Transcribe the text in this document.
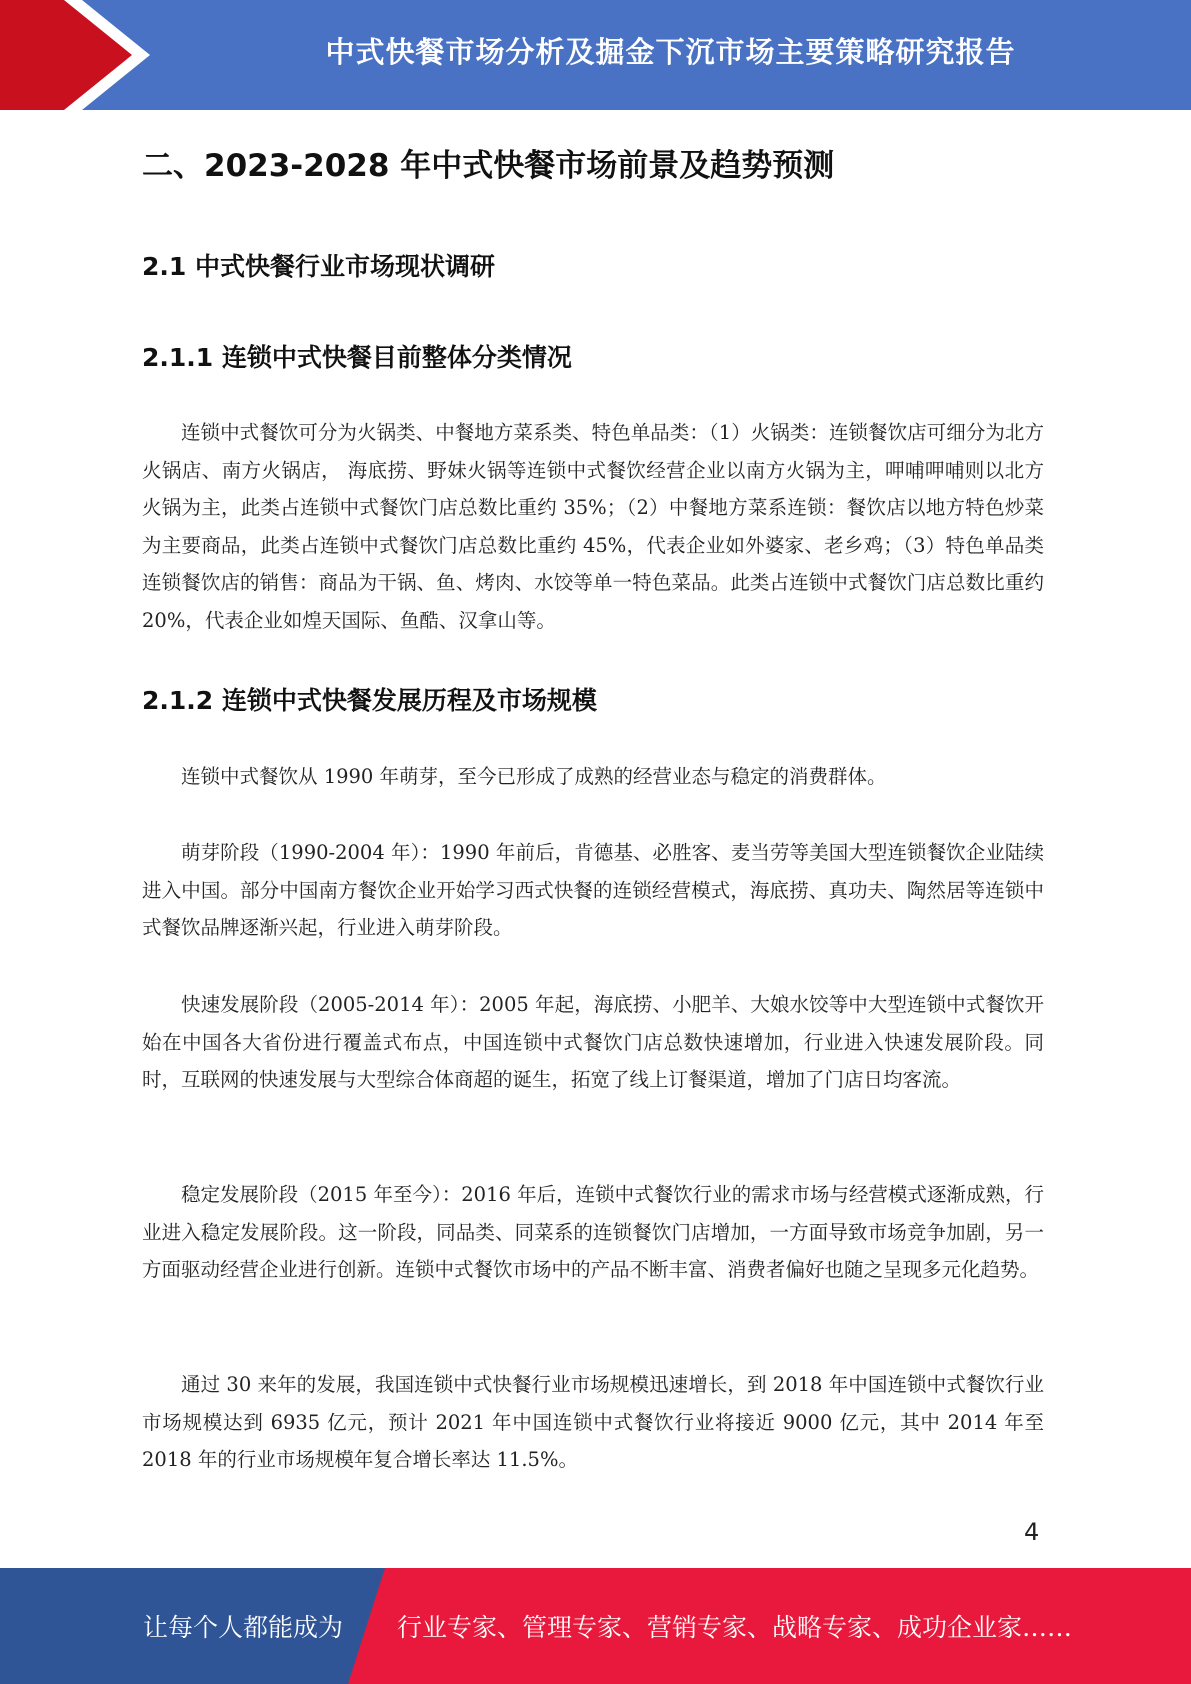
中式快餐市场分析及掘金下沉市场主要策略研究报告
二、2023-2028 年中式快餐市场前景及趋势预测
2.1 中式快餐行业市场现状调研
2.1.1 连锁中式快餐目前整体分类情况

连锁中式餐饮可分为火锅类、中餐地方菜系类、特色单品类：（1）火锅类：连锁餐饮店可细分为北方火锅店、南方火锅店， 海底捞、野妹火锅等连锁中式餐饮经营企业以南方火锅为主，呷哺呷哺则以北方火锅为主，此类占连锁中式餐饮门店总数比重约 35%；（2）中餐地方菜系连锁：餐饮店以地方特色炒菜为主要商品，此类占连锁中式餐饮门店总数比重约 45%，代表企业如外婆家、老乡鸡；（3）特色单品类连锁餐饮店的销售：商品为干锅、鱼、烤肉、水饺等单一特色菜品。此类占连锁中式餐饮门店总数比重约 20%，代表企业如煌天国际、鱼酷、汉拿山等。

2.1.2 连锁中式快餐发展历程及市场规模

连锁中式餐饮从 1990 年萌芽，至今已形成了成熟的经营业态与稳定的消费群体。

萌芽阶段（1990-2004 年）：1990 年前后，肯德基、必胜客、麦当劳等美国大型连锁餐饮企业陆续进入中国。部分中国南方餐饮企业开始学习西式快餐的连锁经营模式，海底捞、真功夫、陶然居等连锁中式餐饮品牌逐渐兴起，行业进入萌芽阶段。

快速发展阶段（2005-2014 年）：2005 年起，海底捞、小肥羊、大娘水饺等中大型连锁中式餐饮开始在中国各大省份进行覆盖式布点，中国连锁中式餐饮门店总数快速增加，行业进入快速发展阶段。同时，互联网的快速发展与大型综合体商超的诞生，拓宽了线上订餐渠道，增加了门店日均客流。

稳定发展阶段（2015 年至今）：2016 年后，连锁中式餐饮行业的需求市场与经营模式逐渐成熟，行业进入稳定发展阶段。这一阶段，同品类、同菜系的连锁餐饮门店增加，一方面导致市场竞争加剧，另一方面驱动经营企业进行创新。连锁中式餐饮市场中的产品不断丰富、消费者偏好也随之呈现多元化趋势。

通过 30 来年的发展，我国连锁中式快餐行业市场规模迅速增长，到 2018 年中国连锁中式餐饮行业市场规模达到 6935 亿元，预计 2021 年中国连锁中式餐饮行业将接近 9000 亿元，其中 2014 年至 2018 年的行业市场规模年复合增长率达 11.5%。

4
让每个人都能成为 行业专家、管理专家、营销专家、战略专家、成功企业家……
